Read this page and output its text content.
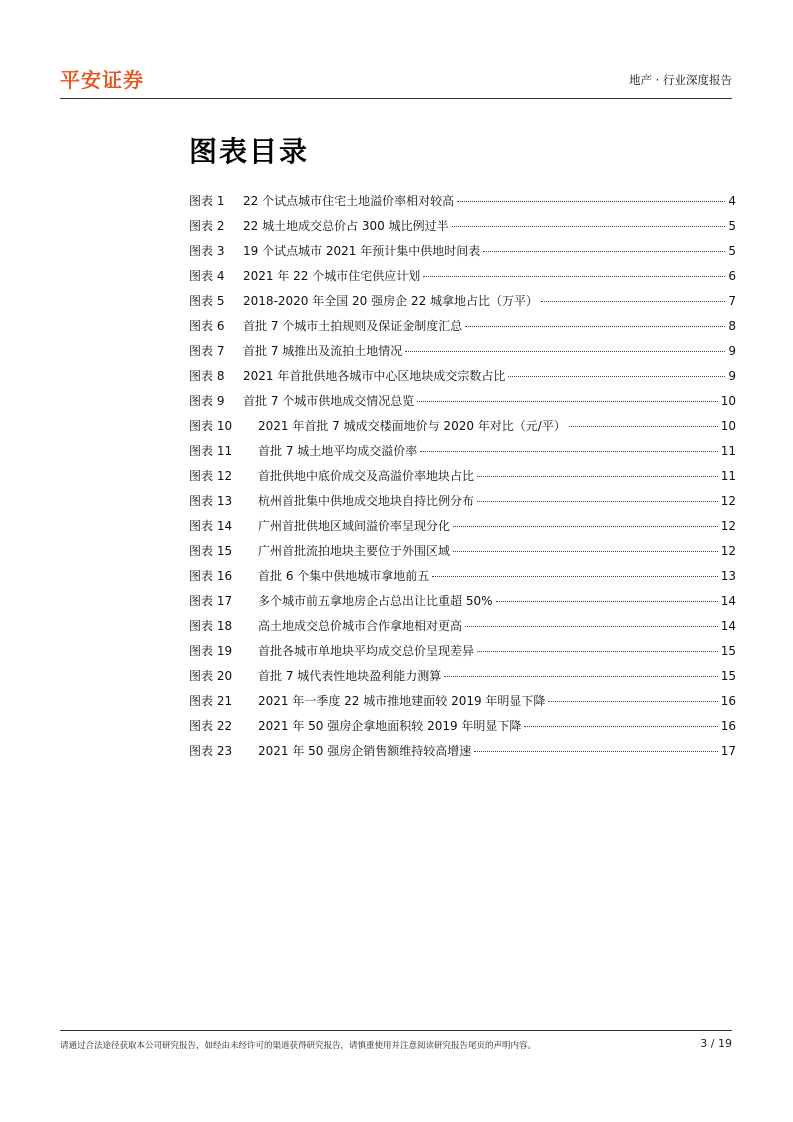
平安证券	地产 · 行业深度报告
图表目录
图表 1	22 个试点城市住宅土地溢价率相对较高	4
图表 2	22 城土地成交总价占 300 城比例过半	5
图表 3	19 个试点城市 2021 年预计集中供地时间表	5
图表 4	2021 年 22 个城市住宅供应计划	6
图表 5	2018-2020 年全国 20 强房企 22 城拿地占比（万平）	7
图表 6	首批 7 个城市土拍规则及保证金制度汇总	8
图表 7	首批 7 城推出及流拍土地情况	9
图表 8	2021 年首批供地各城市中心区地块成交宗数占比	9
图表 9	首批 7 个城市供地成交情况总览	10
图表 10	2021 年首批 7 城成交楼面地价与 2020 年对比（元/平）	10
图表 11	首批 7 城土地平均成交溢价率	11
图表 12	首批供地中底价成交及高溢价率地块占比	11
图表 13	杭州首批集中供地成交地块自持比例分布	12
图表 14	广州首批供地区域间溢价率呈现分化	12
图表 15	广州首批流拍地块主要位于外围区域	12
图表 16	首批 6 个集中供地城市拿地前五	13
图表 17	多个城市前五拿地房企占总出让比重超 50%	14
图表 18	高土地成交总价城市合作拿地相对更高	14
图表 19	首批各城市单地块平均成交总价呈现差异	15
图表 20	首批 7 城代表性地块盈利能力测算	15
图表 21	2021 年一季度 22 城市推地建面较 2019 年明显下降	16
图表 22	2021 年 50 强房企拿地面积较 2019 年明显下降	16
图表 23	2021 年 50 强房企销售额维持较高增速	17
请通过合法途径获取本公司研究报告，如经由未经许可的渠道获得研究报告，请慎重使用并注意阅读研究报告尾页的声明内容。	3 / 19
